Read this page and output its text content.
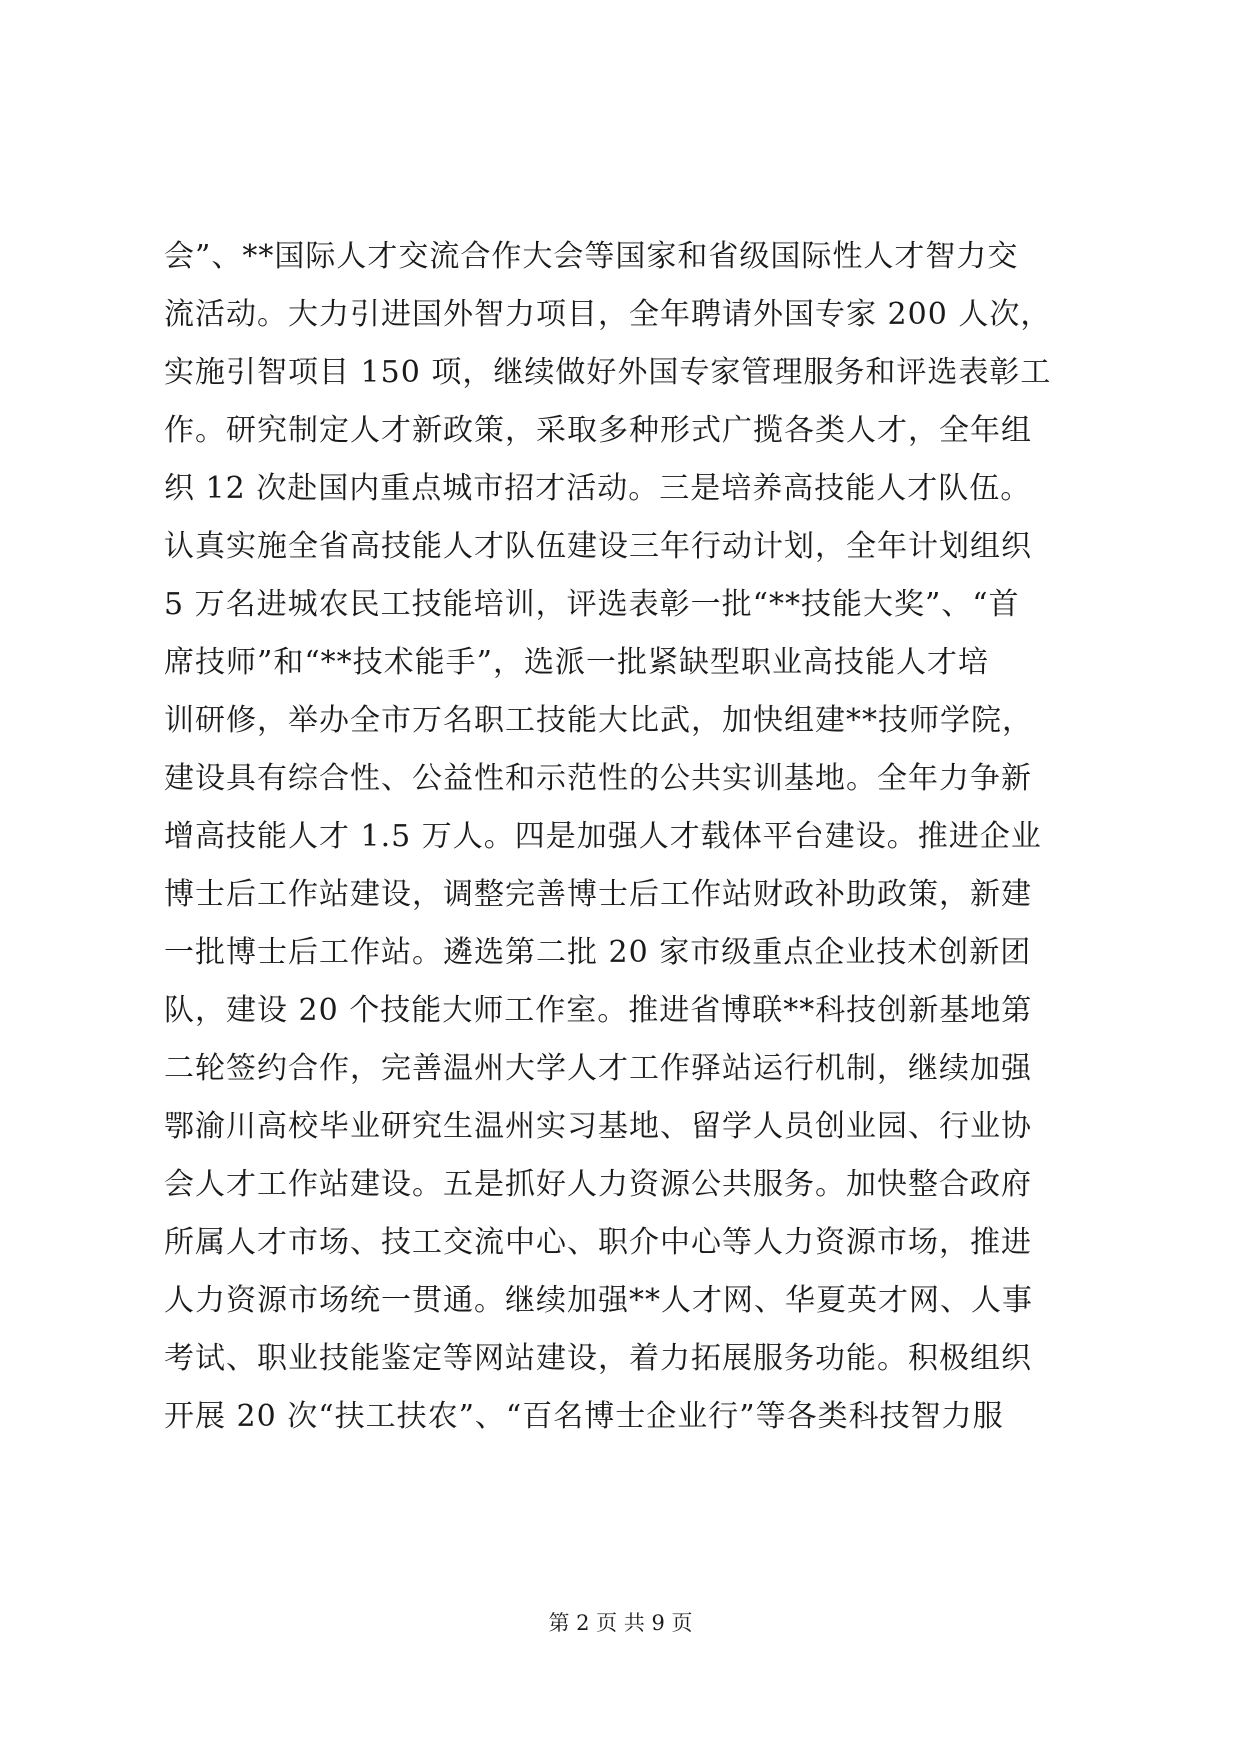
会”、**国际人才交流合作大会等国家和省级国际性人才智力交
流活动。大力引进国外智力项目，全年聘请外国专家 200 人次，
实施引智项目 150 项，继续做好外国专家管理服务和评选表彰工
作。研究制定人才新政策，采取多种形式广揽各类人才，全年组
织 12 次赴国内重点城市招才活动。三是培养高技能人才队伍。
认真实施全省高技能人才队伍建设三年行动计划，全年计划组织
5 万名进城农民工技能培训，评选表彰一批“**技能大奖”、“首
席技师”和“**技术能手”，选派一批紧缺型职业高技能人才培
训研修，举办全市万名职工技能大比武，加快组建**技师学院，
建设具有综合性、公益性和示范性的公共实训基地。全年力争新
增高技能人才 1.5 万人。四是加强人才载体平台建设。推进企业
博士后工作站建设，调整完善博士后工作站财政补助政策，新建
一批博士后工作站。遴选第二批 20 家市级重点企业技术创新团
队，建设 20 个技能大师工作室。推进省博联**科技创新基地第
二轮签约合作，完善温州大学人才工作驿站运行机制，继续加强
鄂渝川高校毕业研究生温州实习基地、留学人员创业园、行业协
会人才工作站建设。五是抓好人力资源公共服务。加快整合政府
所属人才市场、技工交流中心、职介中心等人力资源市场，推进
人力资源市场统一贯通。继续加强**人才网、华夏英才网、人事
考试、职业技能鉴定等网站建设，着力拓展服务功能。积极组织
开展 20 次“扶工扶农”、“百名博士企业行”等各类科技智力服
第 2 页 共 9 页
